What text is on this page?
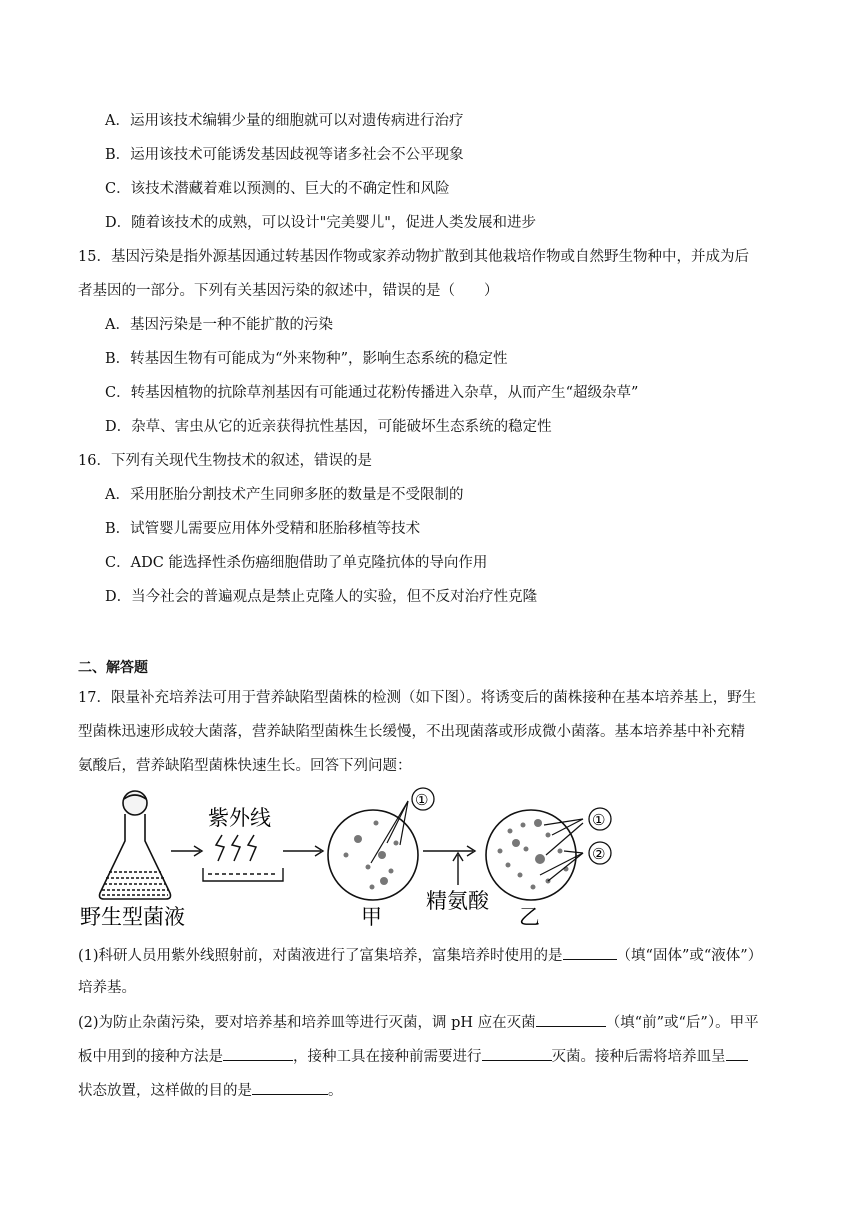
A．运用该技术编辑少量的细胞就可以对遗传病进行治疗
B．运用该技术可能诱发基因歧视等诸多社会不公平现象
C．该技术潜藏着难以预测的、巨大的不确定性和风险
D．随着该技术的成熟，可以设计"完美婴儿"，促进人类发展和进步
15．基因污染是指外源基因通过转基因作物或家养动物扩散到其他栽培作物或自然野生物种中，并成为后
者基因的一部分。下列有关基因污染的叙述中，错误的是（　　）
A．基因污染是一种不能扩散的污染
B．转基因生物有可能成为“外来物种”，影响生态系统的稳定性
C．转基因植物的抗除草剂基因有可能通过花粉传播进入杂草，从而产生“超级杂草”
D．杂草、害虫从它的近亲获得抗性基因，可能破坏生态系统的稳定性
16．下列有关现代生物技术的叙述，错误的是
A．采用胚胎分割技术产生同卵多胚的数量是不受限制的
B．试管婴儿需要应用体外受精和胚胎移植等技术
C．ADC 能选择性杀伤癌细胞借助了单克隆抗体的导向作用
D．当今社会的普遍观点是禁止克隆人的实验，但不反对治疗性克隆
二、解答题
17．限量补充培养法可用于营养缺陷型菌株的检测（如下图）。将诱变后的菌株接种在基本培养基上，野生
型菌株迅速形成较大菌落，营养缺陷型菌株生长缓慢，不出现菌落或形成微小菌落。基本培养基中补充精
氨酸后，营养缺陷型菌株快速生长。回答下列问题：
野生型菌液
紫外线
①
甲
精氨酸
①
②
乙
(1)科研人员用紫外线照射前，对菌液进行了富集培养，富集培养时使用的是	（填“固体”或“液体”）
培养基。
(2)为防止杂菌污染，要对培养基和培养皿等进行灭菌，调 pH 应在灭菌	（填“前”或“后”）。甲平
板中用到的接种方法是	，接种工具在接种前需要进行	灭菌。接种后需将培养皿呈
状态放置，这样做的目的是	。
